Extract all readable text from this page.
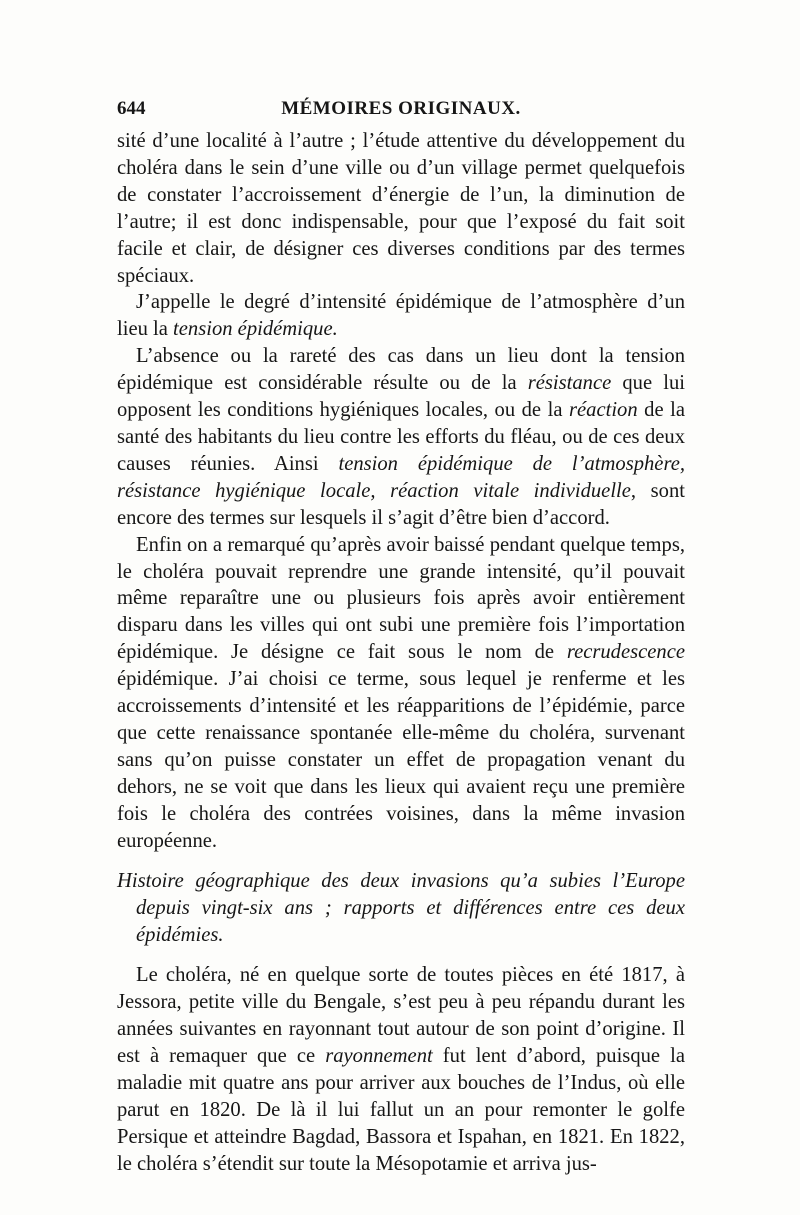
644	MÉMOIRES ORIGINAUX.

sité d’une localité à l’autre ; l’étude attentive du développement du choléra dans le sein d’une ville ou d’un village permet quelquefois de constater l’accroissement d’énergie de l’un, la diminution de l’autre; il est donc indispensable, pour que l’exposé du fait soit facile et clair, de désigner ces diverses conditions par des termes spéciaux.

J’appelle le degré d’intensité épidémique de l’atmosphère d’un lieu la tension épidémique.

L’absence ou la rareté des cas dans un lieu dont la tension épidémique est considérable résulte ou de la résistance que lui opposent les conditions hygiéniques locales, ou de la réaction de la santé des habitants du lieu contre les efforts du fléau, ou de ces deux causes réunies. Ainsi tension épidémique de l’atmosphère, résistance hygiénique locale, réaction vitale individuelle, sont encore des termes sur lesquels il s’agit d’être bien d’accord.

Enfin on a remarqué qu’après avoir baissé pendant quelque temps, le choléra pouvait reprendre une grande intensité, qu’il pouvait même reparaître une ou plusieurs fois après avoir entièrement disparu dans les villes qui ont subi une première fois l’importation épidémique. Je désigne ce fait sous le nom de recrudescence épidémique. J’ai choisi ce terme, sous lequel je renferme et les accroissements d’intensité et les réapparitions de l’épidémie, parce que cette renaissance spontanée elle-même du choléra, survenant sans qu’on puisse constater un effet de propagation venant du dehors, ne se voit que dans les lieux qui avaient reçu une première fois le choléra des contrées voisines, dans la même invasion européenne.

Histoire géographique des deux invasions qu’a subies l’Europe depuis vingt-six ans ; rapports et différences entre ces deux épidémies.

Le choléra, né en quelque sorte de toutes pièces en été 1817, à Jessora, petite ville du Bengale, s’est peu à peu répandu durant les années suivantes en rayonnant tout autour de son point d’origine. Il est à remaquer que ce rayonnement fut lent d’abord, puisque la maladie mit quatre ans pour arriver aux bouches de l’Indus, où elle parut en 1820. De là il lui fallut un an pour remonter le golfe Persique et atteindre Bagdad, Bassora et Ispahan, en 1821. En 1822, le choléra s’étendit sur toute la Mésopotamie et arriva jus-
